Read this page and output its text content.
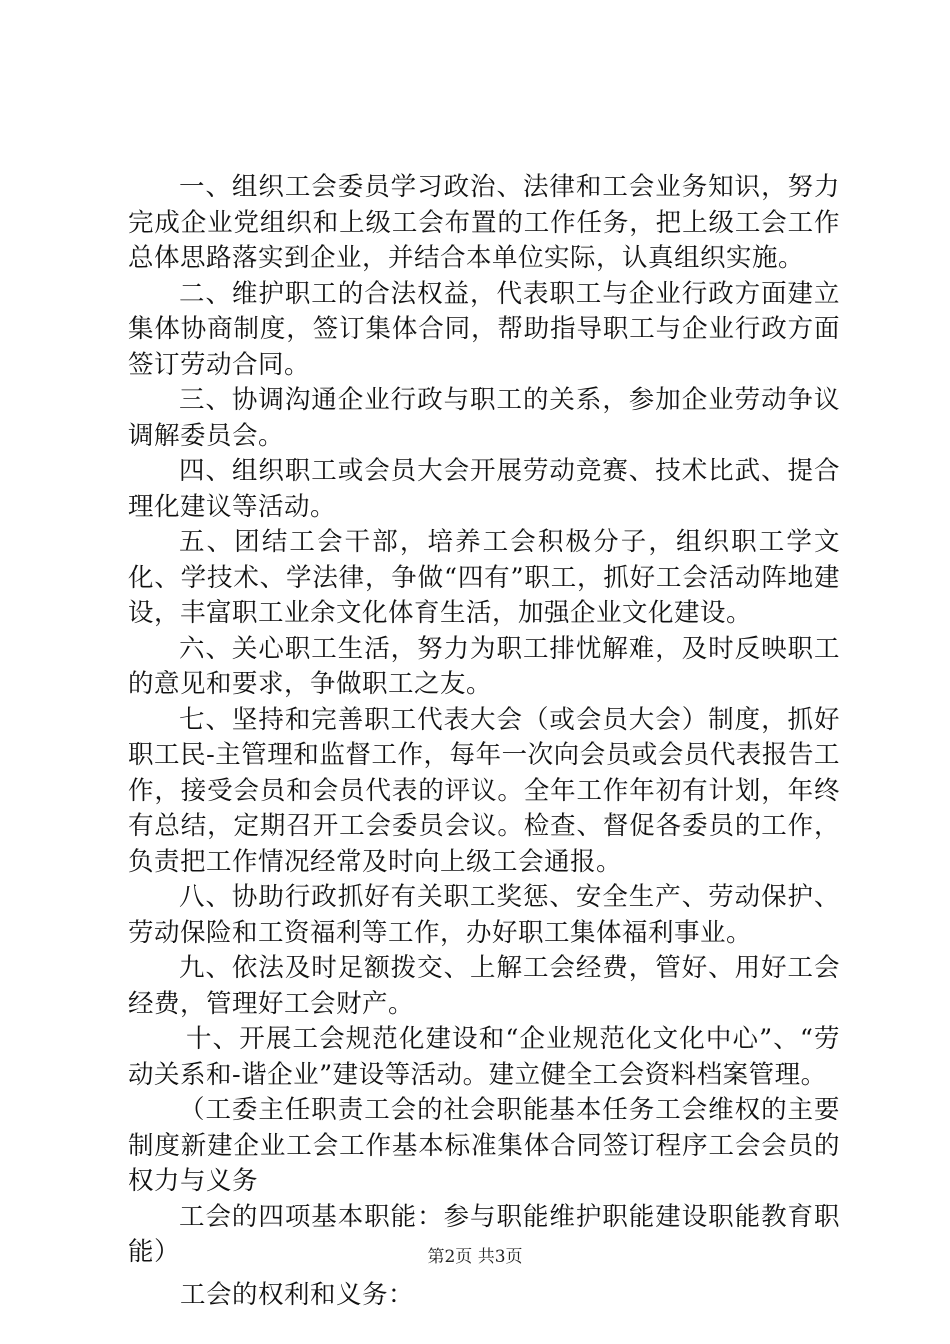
一、组织工会委员学习政治、法律和工会业务知识，努力完成企业党组织和上级工会布置的工作任务，把上级工会工作总体思路落实到企业，并结合本单位实际，认真组织实施。

二、维护职工的合法权益，代表职工与企业行政方面建立集体协商制度，签订集体合同，帮助指导职工与企业行政方面签订劳动合同。

三、协调沟通企业行政与职工的关系，参加企业劳动争议调解委员会。

四、组织职工或会员大会开展劳动竞赛、技术比武、提合理化建议等活动。

五、团结工会干部，培养工会积极分子，组织职工学文化、学技术、学法律，争做“四有”职工，抓好工会活动阵地建设，丰富职工业余文化体育生活，加强企业文化建设。

六、关心职工生活，努力为职工排忧解难，及时反映职工的意见和要求，争做职工之友。

七、坚持和完善职工代表大会（或会员大会）制度，抓好职工民-主管理和监督工作，每年一次向会员或会员代表报告工作，接受会员和会员代表的评议。全年工作年初有计划，年终有总结，定期召开工会委员会议。检查、督促各委员的工作，负责把工作情况经常及时向上级工会通报。

八、协助行政抓好有关职工奖惩、安全生产、劳动保护、劳动保险和工资福利等工作，办好职工集体福利事业。

九、依法及时足额拨交、上解工会经费，管好、用好工会经费，管理好工会财产。

十、开展工会规范化建设和“企业规范化文化中心”、“劳动关系和-谐企业”建设等活动。建立健全工会资料档案管理。

（工委主任职责工会的社会职能基本任务工会维权的主要制度新建企业工会工作基本标准集体合同签订程序工会会员的权力与义务

工会的四项基本职能：参与职能维护职能建设职能教育职能）

工会的权利和义务：

第2页 共3页
